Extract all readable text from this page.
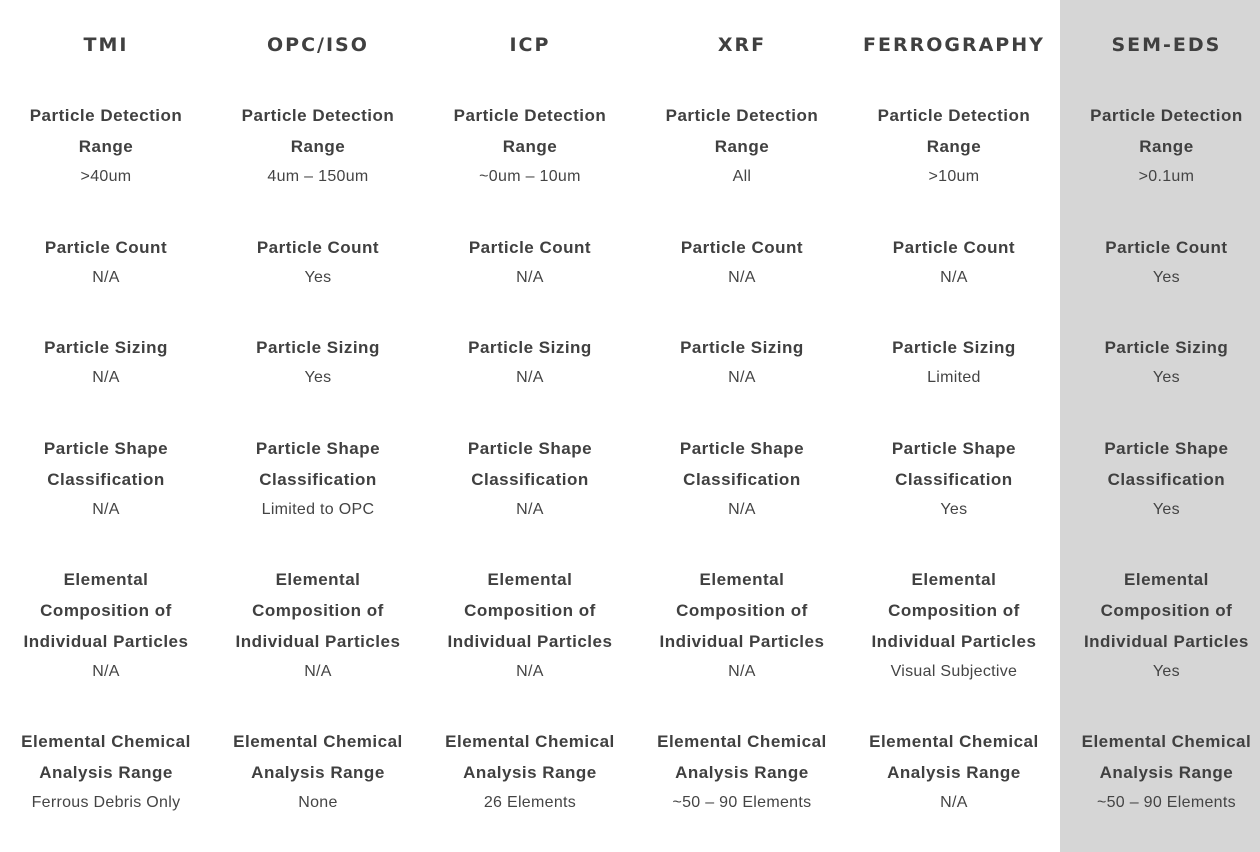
TMI
Particle Detection
Range
>40um
Particle Count
N/A
Particle Sizing
N/A
Particle Shape
Classification
N/A
Elemental
Composition of
Individual Particles
N/A
Elemental Chemical
Analysis Range
Ferrous Debris Only
OPC/ISO
Particle Detection
Range
4um – 150um
Particle Count
Yes
Particle Sizing
Yes
Particle Shape
Classification
Limited to OPC
Elemental
Composition of
Individual Particles
N/A
Elemental Chemical
Analysis Range
None
ICP
Particle Detection
Range
~0um – 10um
Particle Count
N/A
Particle Sizing
N/A
Particle Shape
Classification
N/A
Elemental
Composition of
Individual Particles
N/A
Elemental Chemical
Analysis Range
26 Elements
XRF
Particle Detection
Range
All
Particle Count
N/A
Particle Sizing
N/A
Particle Shape
Classification
N/A
Elemental
Composition of
Individual Particles
N/A
Elemental Chemical
Analysis Range
~50 – 90 Elements
FERROGRAPHY
Particle Detection
Range
>10um
Particle Count
N/A
Particle Sizing
Limited
Particle Shape
Classification
Yes
Elemental
Composition of
Individual Particles
Visual Subjective
Elemental Chemical
Analysis Range
N/A
SEM-EDS
Particle Detection
Range
>0.1um
Particle Count
Yes
Particle Sizing
Yes
Particle Shape
Classification
Yes
Elemental
Composition of
Individual Particles
Yes
Elemental Chemical
Analysis Range
~50 – 90 Elements
